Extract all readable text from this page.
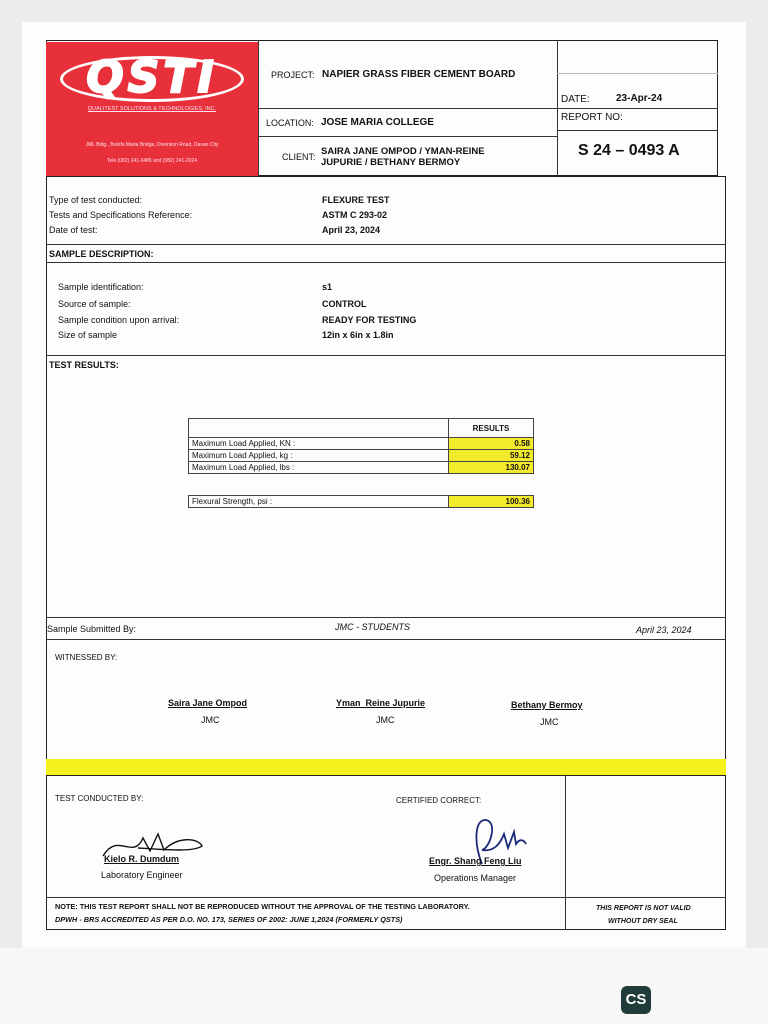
QSTI
QUALITEST SOLUTIONS & TECHNOLOGIES, INC.
JML Bldg., Bonifa Maria Bridge, Diversion Road, Davao City
Tele.(082) 241-0486 and (082) 241-2024
PROJECT: NAPIER GRASS FIBER CEMENT BOARD
LOCATION: JOSE MARIA COLLEGE
CLIENT: SAIRA JANE OMPOD / YMAN-REINE
JUPURIE / BETHANY BERMOY
DATE:	23-Apr-24
REPORT NO:
S 24 – 0493 A
Type of test conducted:	FLEXURE TEST
Tests and Specifications Reference:	ASTM C 293-02
Date of test:	April 23, 2024
SAMPLE DESCRIPTION:
Sample identification:	s1
Source of sample:	CONTROL
Sample condition upon arrival:	READY FOR TESTING
Size of sample	12in x 6in x 1.8in
TEST RESULTS:
	RESULTS
Maximum Load Applied, KN :	0.58
Maximum Load Applied, kg :	59.12
Maximum Load Applied, lbs :	130.07
Flexural Strength, psi :	100.36
Sample Submitted By:	JMC - STUDENTS	April 23, 2024
WITNESSED BY:
Saira Jane Ompod
JMC
Yman  Reine Jupurie
JMC
Bethany Bermoy
JMC
TEST CONDUCTED BY:	CERTIFIED CORRECT:
Kielo R. Dumdum
Laboratory Engineer
Engr. Shang Feng Liu
Operations Manager
NOTE: THIS TEST REPORT SHALL NOT BE REPRODUCED WITHOUT THE APPROVAL OF THE TESTING LABORATORY.
DPWH - BRS ACCREDITED AS PER D.O. NO. 173, SERIES OF 2002: JUNE 1,2024 (FORMERLY QSTS)
THIS REPORT IS NOT VALID
WITHOUT DRY SEAL
CS
